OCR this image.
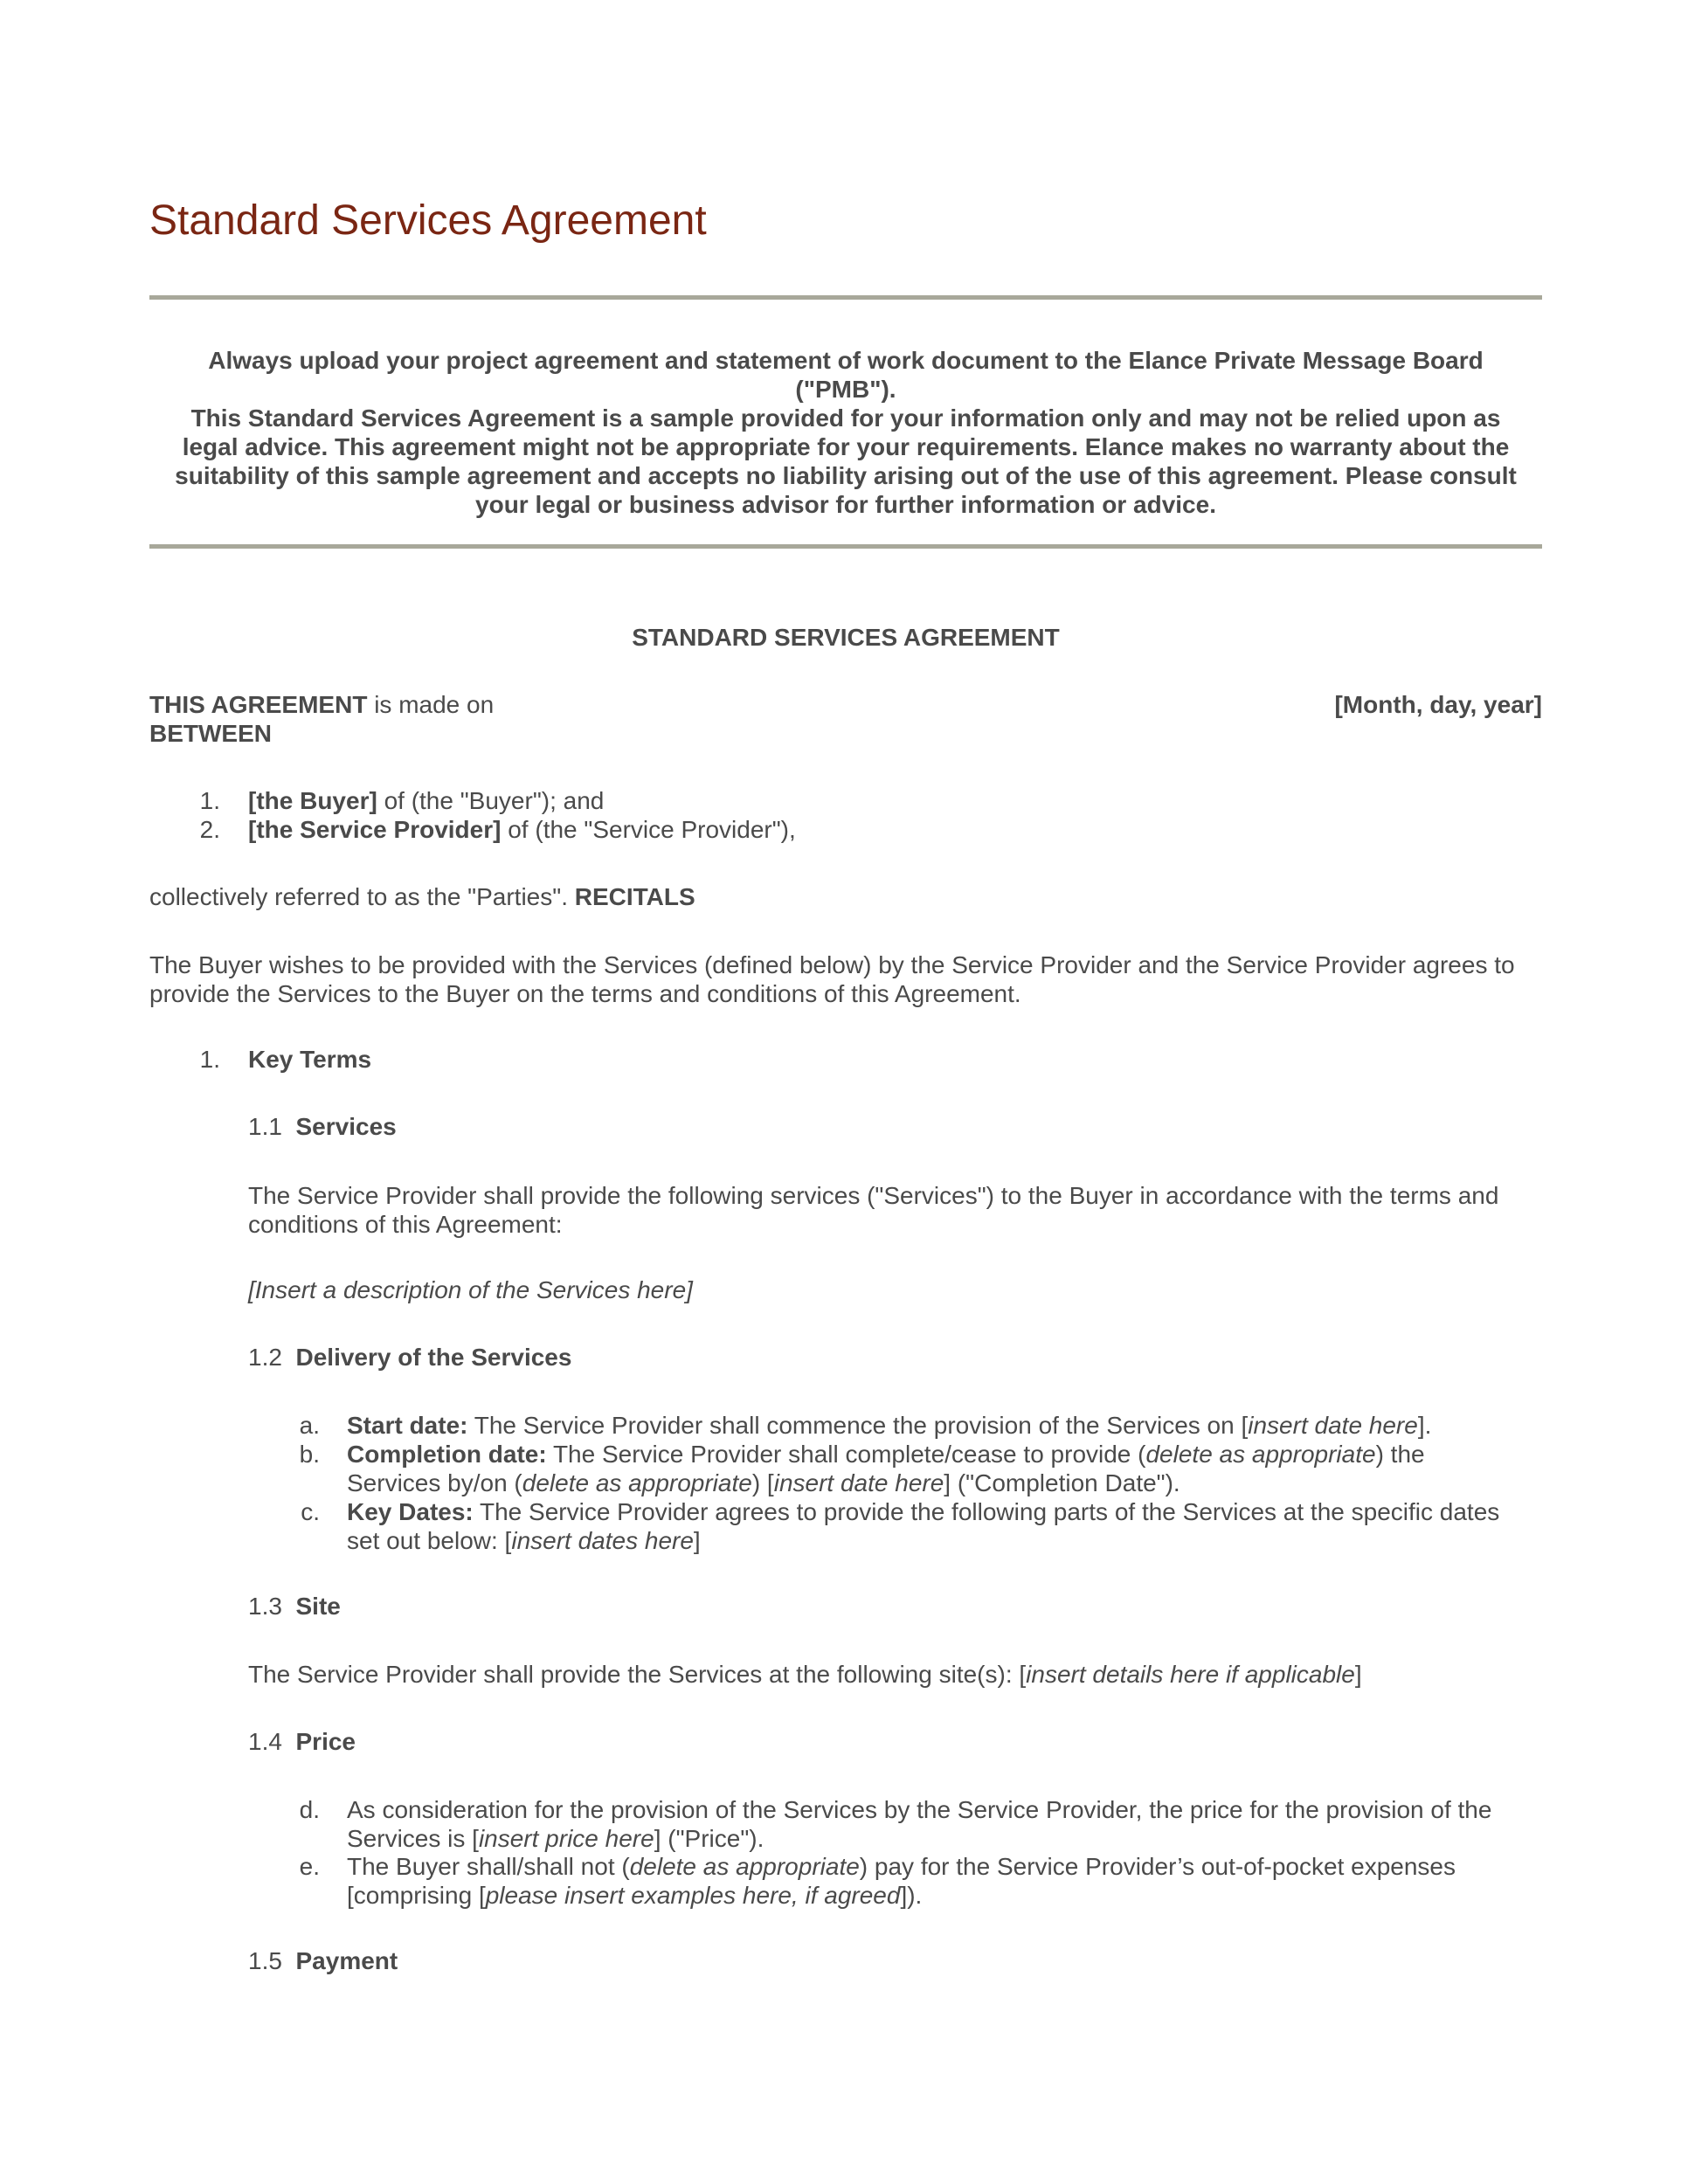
Standard Services Agreement
Always upload your project agreement and statement of work document to the Elance Private Message Board
("PMB").
This Standard Services Agreement is a sample provided for your information only and may not be relied upon as
legal advice. This agreement might not be appropriate for your requirements. Elance makes no warranty about the
suitability of this sample agreement and accepts no liability arising out of the use of this agreement. Please consult
your legal or business advisor for further information or advice.
STANDARD SERVICES AGREEMENT
THIS AGREEMENT is made on	[Month, day, year]
BETWEEN
1. [the Buyer] of (the "Buyer"); and
2. [the Service Provider] of (the "Service Provider"),
collectively referred to as the "Parties". RECITALS
The Buyer wishes to be provided with the Services (defined below) by the Service Provider and the Service Provider agrees to
provide the Services to the Buyer on the terms and conditions of this Agreement.
1. Key Terms
1.1 Services
The Service Provider shall provide the following services ("Services") to the Buyer in accordance with the terms and
conditions of this Agreement:
[Insert a description of the Services here]
1.2 Delivery of the Services
a. Start date: The Service Provider shall commence the provision of the Services on [insert date here].
b. Completion date: The Service Provider shall complete/cease to provide (delete as appropriate) the
Services by/on (delete as appropriate) [insert date here] ("Completion Date").
c. Key Dates: The Service Provider agrees to provide the following parts of the Services at the specific dates
set out below: [insert dates here]
1.3 Site
The Service Provider shall provide the Services at the following site(s): [insert details here if applicable]
1.4 Price
d. As consideration for the provision of the Services by the Service Provider, the price for the provision of the
Services is [insert price here] ("Price").
e. The Buyer shall/shall not (delete as appropriate) pay for the Service Provider’s out-of-pocket expenses
[comprising [please insert examples here, if agreed]).
1.5 Payment
